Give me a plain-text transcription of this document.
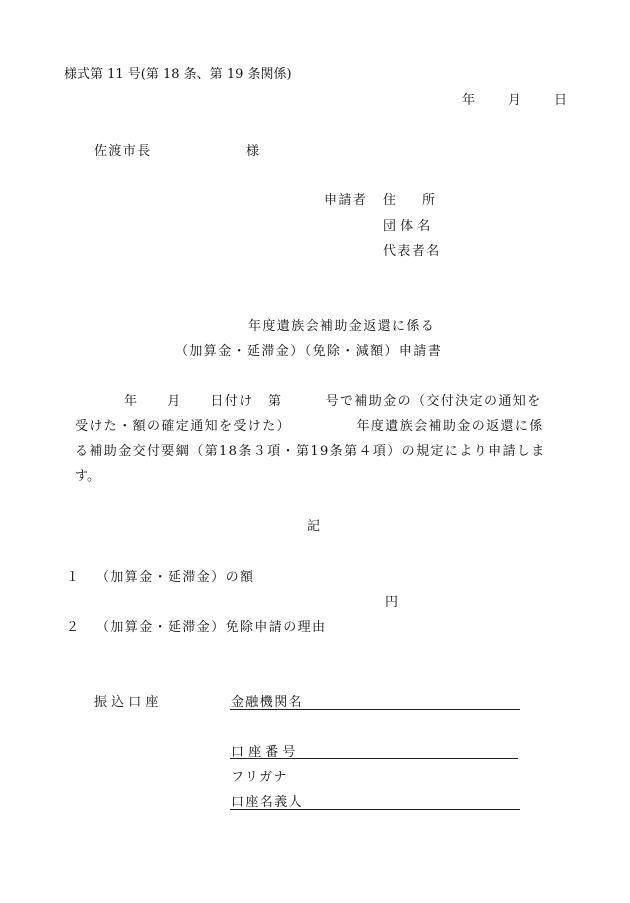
様式第 11 号(第 18 条、第 19 条関係)
年	月	日
佐渡市長	様
申請者 住　　所
団 体 名
代表者名
年度遺族会補助金返還に係る
（加算金・延滞金）（免除・減額）申請書
年　　月　　日付け　第　　　号で補助金の（交付決定の通知を
受けた・額の確定通知を受けた）　　　　　年度遺族会補助金の返還に係
る補助金交付要綱（第18条３項・第19条第４項）の規定により申請しま
す。
記
１ （加算金・延滞金）の額
円
２ （加算金・延滞金）免除申請の理由
振 込 口 座	金融機関名
口 座 番 号
フリガナ
口座名義人
